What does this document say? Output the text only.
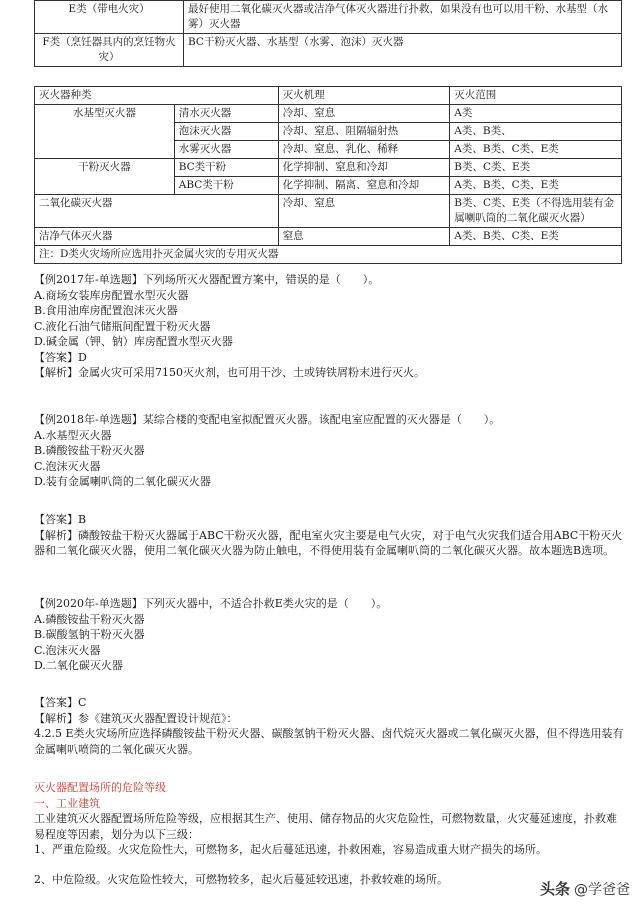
E类（带电火灾）	最好使用二氧化碳灭火器或洁净气体灭火器进行扑救，如果没有也可以用干粉、水基型（水雾）灭火器
F类（烹饪器具内的烹饪物火灾）	BC干粉灭火器、水基型（水雾、泡沫）灭火器
灭火器种类		灭火机理	灭火范围
水基型灭火器	清水灭火器	冷却、窒息	A类
	泡沫灭火器	冷却、窒息、阻隔辐射热	A类、B类、
	水雾灭火器	冷却、窒息、乳化、稀释	A类、B类、C类、E类
干粉灭火器	BC类干粉	化学抑制、窒息和冷却	B类、C类、E类
	ABC类干粉	化学抑制、隔离、窒息和冷却	A类、B类、C类、E类
二氧化碳灭火器		冷却、窒息	B类、C类、E类（不得选用装有金属喇叭筒的二氧化碳灭火器）
洁净气体灭火器		窒息	A类、B类、C类、E类
注：D类火灾场所应选用扑灭金属火灾的专用灭火器			

【例2017年-单选题】下列场所灭火器配置方案中，错误的是（　　）。

A.商场女装库房配置水型灭火器

B.食用油库房配置泡沫灭火器

C.液化石油气储瓶间配置干粉灭火器

D.碱金属（钾、钠）库房配置水型灭火器

【答案】D

【解析】金属火灾可采用7150灭火剂，也可用干沙、土或铸铁屑粉末进行灭火。

【例2018年-单选题】某综合楼的变配电室拟配置灭火器。该配电室应配置的灭火器是（　　）。

A.水基型灭火器

B.磷酸铵盐干粉灭火器

C.泡沫灭火器

D.装有金属喇叭筒的二氧化碳灭火器

【答案】B

【解析】磷酸铵盐干粉灭火器属于ABC干粉灭火器，配电室火灾主要是电气火灾，对于电气火灾我们适合用ABC干粉灭火器和二氧化碳灭火器，使用二氧化碳灭火器为防止触电，不得使用装有金属喇叭筒的二氧化碳灭火器。故本题选B选项。

【例2020年-单选题】下列灭火器中，不适合扑救E类火灾的是（　　）。

A.磷酸铵盐干粉灭火器

B.碳酸氢钠干粉灭火器

C.泡沫灭火器

D.二氧化碳灭火器

【答案】C

【解析】参《建筑灭火器配置设计规范》：

4.2.5 E类火灾场所应选择磷酸铵盐干粉灭火器、碳酸氢钠干粉灭火器、卤代烷灭火器或二氧化碳灭火器，但不得选用装有金属喇叭喷筒的二氧化碳灭火器。

灭火器配置场所的危险等级

一、工业建筑

工业建筑灭火器配置场所危险等级，应根据其生产、使用、储存物品的火灾危险性，可燃物数量，火灾蔓延速度，扑救难易程度等因素，划分为以下三级：

1、严重危险级。火灾危险性大，可燃物多，起火后蔓延迅速，扑救困难，容易造成重大财产损失的场所。

2、中危险级。火灾危险性较大，可燃物较多，起火后蔓延较迅速，扑救较难的场所。

头条 @学爸爸
